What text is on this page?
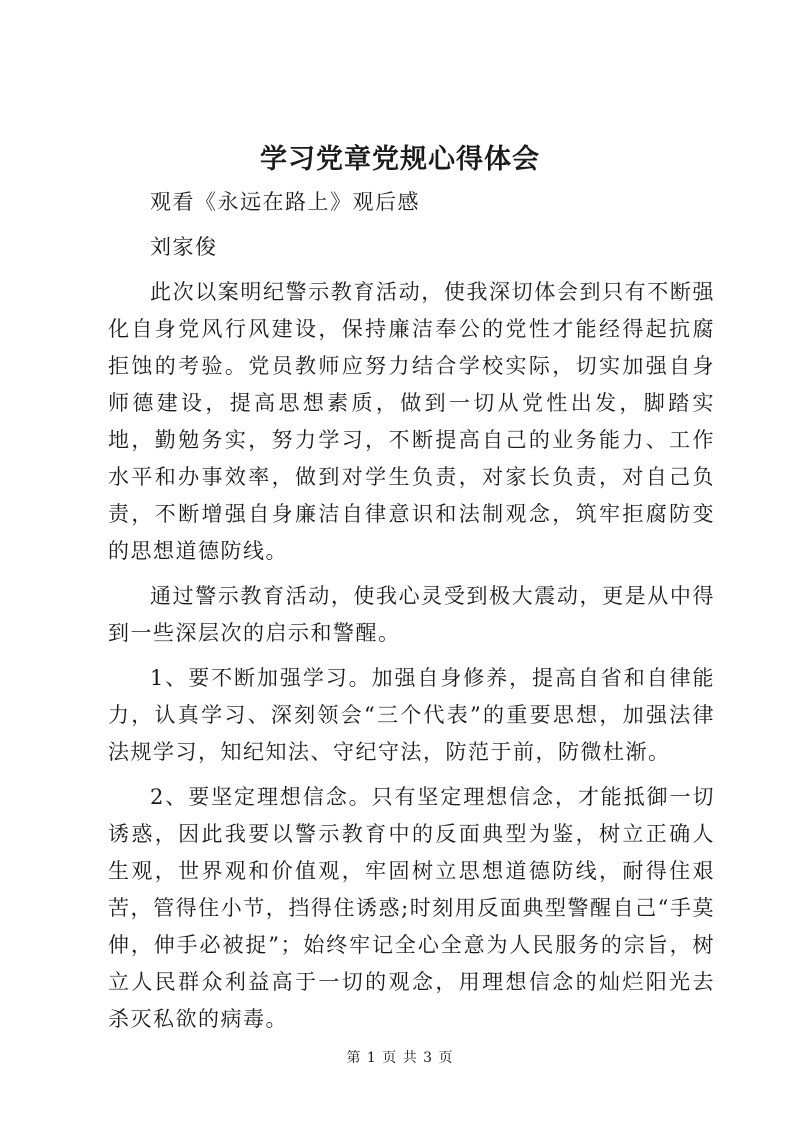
学习党章党规心得体会

观看《永远在路上》观后感

刘家俊

此次以案明纪警示教育活动，使我深切体会到只有不断强化自身党风行风建设，保持廉洁奉公的党性才能经得起抗腐拒蚀的考验。党员教师应努力结合学校实际，切实加强自身师德建设，提高思想素质，做到一切从党性出发，脚踏实地，勤勉务实，努力学习，不断提高自己的业务能力、工作水平和办事效率，做到对学生负责，对家长负责，对自己负责，不断增强自身廉洁自律意识和法制观念，筑牢拒腐防变的思想道德防线。

通过警示教育活动，使我心灵受到极大震动，更是从中得到一些深层次的启示和警醒。

1、要不断加强学习。加强自身修养，提高自省和自律能力，认真学习、深刻领会“三个代表”的重要思想，加强法律法规学习，知纪知法、守纪守法，防范于前，防微杜渐。

2、要坚定理想信念。只有坚定理想信念，才能抵御一切诱惑，因此我要以警示教育中的反面典型为鉴，树立正确人生观，世界观和价值观，牢固树立思想道德防线，耐得住艰苦，管得住小节，挡得住诱惑;时刻用反面典型警醒自己“手莫伸，伸手必被捉”；始终牢记全心全意为人民服务的宗旨，树立人民群众利益高于一切的观念，用理想信念的灿烂阳光去杀灭私欲的病毒。

第 1 页 共 3 页
